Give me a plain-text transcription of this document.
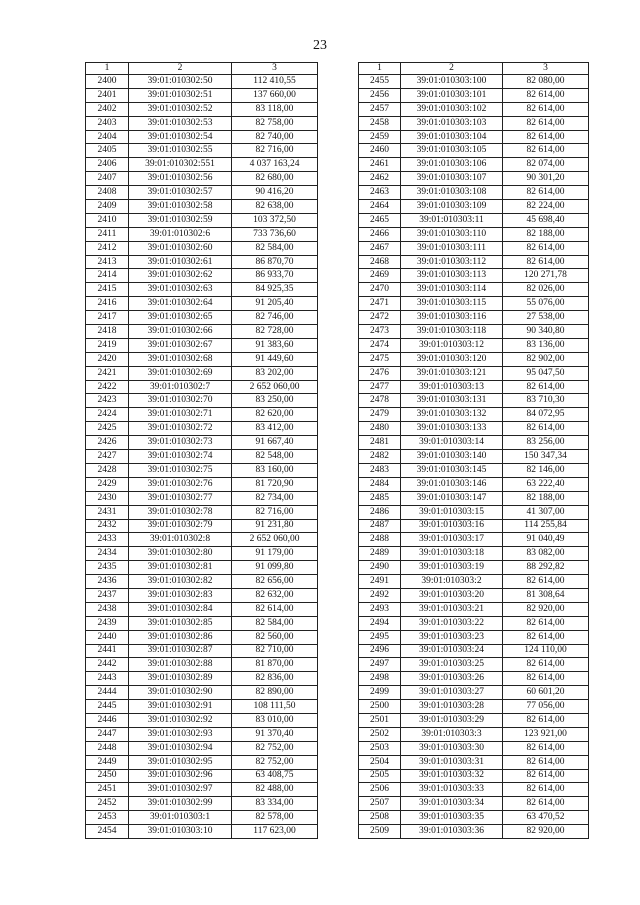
23
1	2	3
2400	39:01:010302:50	112 410,55
2401	39:01:010302:51	137 660,00
2402	39:01:010302:52	83 118,00
2403	39:01:010302:53	82 758,00
2404	39:01:010302:54	82 740,00
2405	39:01:010302:55	82 716,00
2406	39:01:010302:551	4 037 163,24
2407	39:01:010302:56	82 680,00
2408	39:01:010302:57	90 416,20
2409	39:01:010302:58	82 638,00
2410	39:01:010302:59	103 372,50
2411	39:01:010302:6	733 736,60
2412	39:01:010302:60	82 584,00
2413	39:01:010302:61	86 870,70
2414	39:01:010302:62	86 933,70
2415	39:01:010302:63	84 925,35
2416	39:01:010302:64	91 205,40
2417	39:01:010302:65	82 746,00
2418	39:01:010302:66	82 728,00
2419	39:01:010302:67	91 383,60
2420	39:01:010302:68	91 449,60
2421	39:01:010302:69	83 202,00
2422	39:01:010302:7	2 652 060,00
2423	39:01:010302:70	83 250,00
2424	39:01:010302:71	82 620,00
2425	39:01:010302:72	83 412,00
2426	39:01:010302:73	91 667,40
2427	39:01:010302:74	82 548,00
2428	39:01:010302:75	83 160,00
2429	39:01:010302:76	81 720,90
2430	39:01:010302:77	82 734,00
2431	39:01:010302:78	82 716,00
2432	39:01:010302:79	91 231,80
2433	39:01:010302:8	2 652 060,00
2434	39:01:010302:80	91 179,00
2435	39:01:010302:81	91 099,80
2436	39:01:010302:82	82 656,00
2437	39:01:010302:83	82 632,00
2438	39:01:010302:84	82 614,00
2439	39:01:010302:85	82 584,00
2440	39:01:010302:86	82 560,00
2441	39:01:010302:87	82 710,00
2442	39:01:010302:88	81 870,00
2443	39:01:010302:89	82 836,00
2444	39:01:010302:90	82 890,00
2445	39:01:010302:91	108 111,50
2446	39:01:010302:92	83 010,00
2447	39:01:010302:93	91 370,40
2448	39:01:010302:94	82 752,00
2449	39:01:010302:95	82 752,00
2450	39:01:010302:96	63 408,75
2451	39:01:010302:97	82 488,00
2452	39:01:010302:99	83 334,00
2453	39:01:010303:1	82 578,00
2454	39:01:010303:10	117 623,00
1	2	3
2455	39:01:010303:100	82 080,00
2456	39:01:010303:101	82 614,00
2457	39:01:010303:102	82 614,00
2458	39:01:010303:103	82 614,00
2459	39:01:010303:104	82 614,00
2460	39:01:010303:105	82 614,00
2461	39:01:010303:106	82 074,00
2462	39:01:010303:107	90 301,20
2463	39:01:010303:108	82 614,00
2464	39:01:010303:109	82 224,00
2465	39:01:010303:11	45 698,40
2466	39:01:010303:110	82 188,00
2467	39:01:010303:111	82 614,00
2468	39:01:010303:112	82 614,00
2469	39:01:010303:113	120 271,78
2470	39:01:010303:114	82 026,00
2471	39:01:010303:115	55 076,00
2472	39:01:010303:116	27 538,00
2473	39:01:010303:118	90 340,80
2474	39:01:010303:12	83 136,00
2475	39:01:010303:120	82 902,00
2476	39:01:010303:121	95 047,50
2477	39:01:010303:13	82 614,00
2478	39:01:010303:131	83 710,30
2479	39:01:010303:132	84 072,95
2480	39:01:010303:133	82 614,00
2481	39:01:010303:14	83 256,00
2482	39:01:010303:140	150 347,34
2483	39:01:010303:145	82 146,00
2484	39:01:010303:146	63 222,40
2485	39:01:010303:147	82 188,00
2486	39:01:010303:15	41 307,00
2487	39:01:010303:16	114 255,84
2488	39:01:010303:17	91 040,49
2489	39:01:010303:18	83 082,00
2490	39:01:010303:19	88 292,82
2491	39:01:010303:2	82 614,00
2492	39:01:010303:20	81 308,64
2493	39:01:010303:21	82 920,00
2494	39:01:010303:22	82 614,00
2495	39:01:010303:23	82 614,00
2496	39:01:010303:24	124 110,00
2497	39:01:010303:25	82 614,00
2498	39:01:010303:26	82 614,00
2499	39:01:010303:27	60 601,20
2500	39:01:010303:28	77 056,00
2501	39:01:010303:29	82 614,00
2502	39:01:010303:3	123 921,00
2503	39:01:010303:30	82 614,00
2504	39:01:010303:31	82 614,00
2505	39:01:010303:32	82 614,00
2506	39:01:010303:33	82 614,00
2507	39:01:010303:34	82 614,00
2508	39:01:010303:35	63 470,52
2509	39:01:010303:36	82 920,00
